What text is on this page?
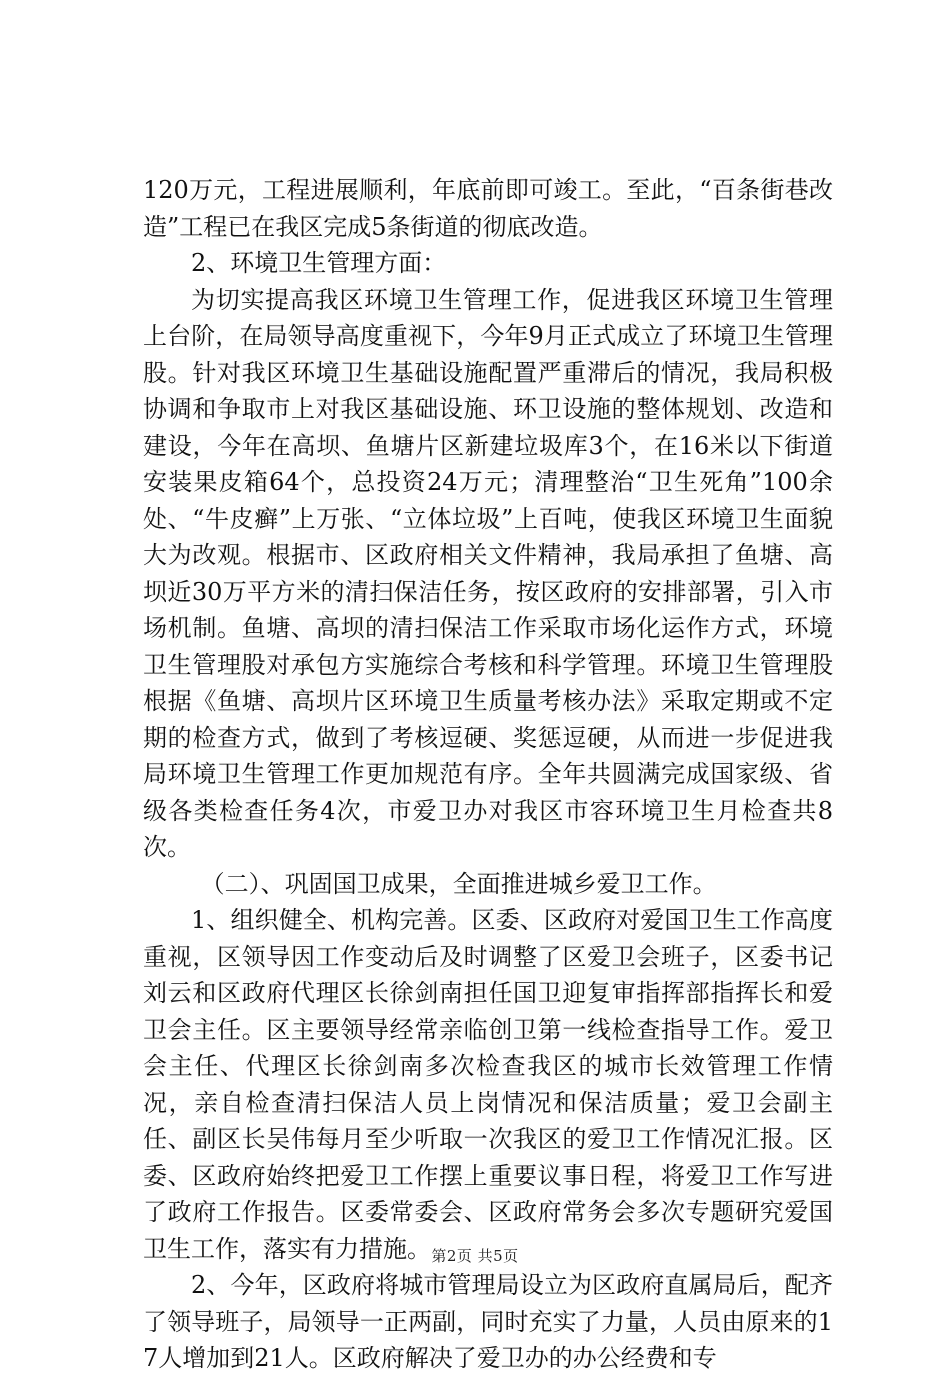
120万元，工程进展顺利，年底前即可竣工。至此，“百条街巷改造”工程已在我区完成5条街道的彻底改造。

2、环境卫生管理方面：

为切实提高我区环境卫生管理工作，促进我区环境卫生管理上台阶，在局领导高度重视下，今年9月正式成立了环境卫生管理股。针对我区环境卫生基础设施配置严重滞后的情况，我局积极协调和争取市上对我区基础设施、环卫设施的整体规划、改造和建设，今年在高坝、鱼塘片区新建垃圾库3个，在16米以下街道安装果皮箱64个，总投资24万元；清理整治“卫生死角”100余处、“牛皮癣”上万张、“立体垃圾”上百吨，使我区环境卫生面貌大为改观。根据市、区政府相关文件精神，我局承担了鱼塘、高坝近30万平方米的清扫保洁任务，按区政府的安排部署，引入市场机制。鱼塘、高坝的清扫保洁工作采取市场化运作方式，环境卫生管理股对承包方实施综合考核和科学管理。环境卫生管理股根据《鱼塘、高坝片区环境卫生质量考核办法》采取定期或不定期的检查方式，做到了考核逗硬、奖惩逗硬，从而进一步促进我局环境卫生管理工作更加规范有序。全年共圆满完成国家级、省级各类检查任务4次，市爱卫办对我区市容环境卫生月检查共8次。

（二）、巩固国卫成果，全面推进城乡爱卫工作。

1、组织健全、机构完善。区委、区政府对爱国卫生工作高度重视，区领导因工作变动后及时调整了区爱卫会班子，区委书记刘云和区政府代理区长徐剑南担任国卫迎复审指挥部指挥长和爱卫会主任。区主要领导经常亲临创卫第一线检查指导工作。爱卫会主任、代理区长徐剑南多次检查我区的城市长效管理工作情况，亲自检查清扫保洁人员上岗情况和保洁质量；爱卫会副主任、副区长吴伟每月至少听取一次我区的爱卫工作情况汇报。区委、区政府始终把爱卫工作摆上重要议事日程，将爱卫工作写进了政府工作报告。区委常委会、区政府常务会多次专题研究爱国卫生工作，落实有力措施。

2、今年，区政府将城市管理局设立为区政府直属局后，配齐了领导班子，局领导一正两副，同时充实了力量，人员由原来的17人增加到21人。区政府解决了爱卫办的办公经费和专

第2页 共5页
